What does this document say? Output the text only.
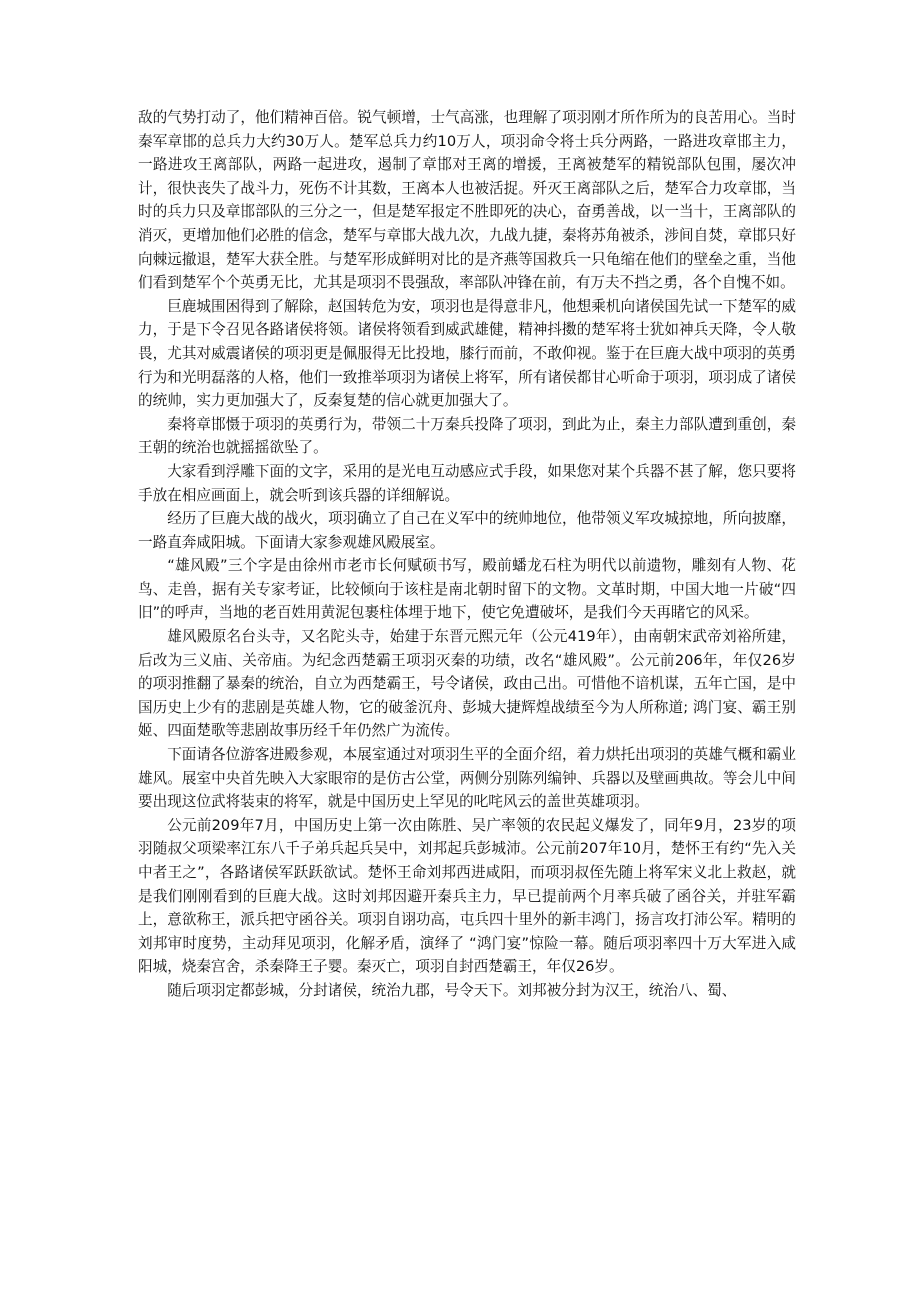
敌的气势打动了，他们精神百倍。锐气顿增，士气高涨，也理解了项羽刚才所作所为的良苦用心。当时秦军章邯的总兵力大约30万人。楚军总兵力约10万人，项羽命令将士兵分两路，一路进攻章邯主力，一路进攻王离部队，两路一起进攻，遏制了章邯对王离的增援，王离被楚军的精锐部队包围，屡次冲计，很快丧失了战斗力，死伤不计其数，王离本人也被活捉。歼灭王离部队之后，楚军合力攻章邯，当时的兵力只及章邯部队的三分之一，但是楚军报定不胜即死的决心，奋勇善战，以一当十，王离部队的消灭，更增加他们必胜的信念，楚军与章邯大战九次，九战九捷，秦将苏角被杀，涉间自焚，章邯只好向棘远撤退，楚军大获全胜。与楚军形成鲜明对比的是齐燕等国救兵一只龟缩在他们的壁垒之重，当他们看到楚军个个英勇无比，尤其是项羽不畏强敌，率部队冲锋在前，有万夫不挡之勇，各个自愧不如。

巨鹿城围困得到了解除，赵国转危为安，项羽也是得意非凡，他想乘机向诸侯国先试一下楚军的威力，于是下令召见各路诸侯将领。诸侯将领看到威武雄健，精神抖擞的楚军将士犹如神兵天降，令人敬畏，尤其对威震诸侯的项羽更是佩服得无比投地，膝行而前，不敢仰视。鉴于在巨鹿大战中项羽的英勇行为和光明磊落的人格，他们一致推举项羽为诸侯上将军，所有诸侯都甘心听命于项羽，项羽成了诸侯的统帅，实力更加强大了，反秦复楚的信心就更加强大了。

秦将章邯慑于项羽的英勇行为，带领二十万秦兵投降了项羽，到此为止，秦主力部队遭到重创，秦王朝的统治也就摇摇欲坠了。

大家看到浮雕下面的文字，采用的是光电互动感应式手段，如果您对某个兵器不甚了解，您只要将手放在相应画面上，就会听到该兵器的详细解说。

经历了巨鹿大战的战火，项羽确立了自己在义军中的统帅地位，他带领义军攻城掠地，所向披靡，一路直奔咸阳城。下面请大家参观雄风殿展室。

“雄风殿”三个字是由徐州市老市长何赋硕书写，殿前蟠龙石柱为明代以前遗物，雕刻有人物、花鸟、走兽，据有关专家考证，比较倾向于该柱是南北朝时留下的文物。文革时期，中国大地一片破“四旧”的呼声，当地的老百姓用黄泥包裹柱体埋于地下，使它免遭破坏，是我们今天再睹它的风采。

雄风殿原名台头寺，又名陀头寺，始建于东晋元熙元年（公元419年），由南朝宋武帝刘裕所建，后改为三义庙、关帝庙。为纪念西楚霸王项羽灭秦的功绩，改名“雄风殿”。公元前206年，年仅26岁的项羽推翻了暴秦的统治，自立为西楚霸王，号令诸侯，政由己出。可惜他不谙机谋，五年亡国，是中国历史上少有的悲剧是英雄人物，它的破釜沉舟、彭城大捷辉煌战绩至今为人所称道; 鸿门宴、霸王别姬、四面楚歌等悲剧故事历经千年仍然广为流传。

下面请各位游客进殿参观，本展室通过对项羽生平的全面介绍，着力烘托出项羽的英雄气概和霸业雄风。展室中央首先映入大家眼帘的是仿古公堂，两侧分别陈列编钟、兵器以及壁画典故。等会儿中间要出现这位武将装束的将军，就是中国历史上罕见的叱咤风云的盖世英雄项羽。

公元前209年7月，中国历史上第一次由陈胜、吴广率领的农民起义爆发了，同年9月，23岁的项羽随叔父项梁率江东八千子弟兵起兵吴中，刘邦起兵彭城沛。公元前207年10月，楚怀王有约“先入关中者王之”，各路诸侯军跃跃欲试。楚怀王命刘邦西进咸阳，而项羽叔侄先随上将军宋义北上救赵，就是我们刚刚看到的巨鹿大战。这时刘邦因避开秦兵主力，早已提前两个月率兵破了函谷关，并驻军霸上，意欲称王，派兵把守函谷关。项羽自诩功高，屯兵四十里外的新丰鸿门，扬言攻打沛公军。精明的刘邦审时度势，主动拜见项羽，化解矛盾，演绎了 “鸿门宴”惊险一幕。随后项羽率四十万大军进入咸阳城，烧秦宫舍，杀秦降王子婴。秦灭亡，项羽自封西楚霸王，年仅26岁。

随后项羽定都彭城，分封诸侯，统治九郡，号令天下。刘邦被分封为汉王，统治八、蜀、
